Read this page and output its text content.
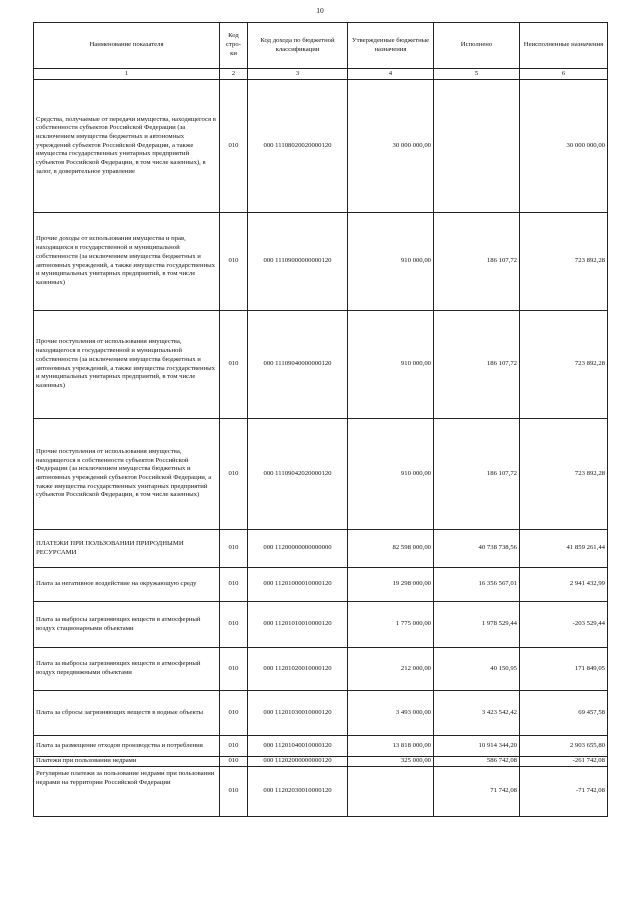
10
Наименование показателя	Код стро- ки	Код дохода по бюджетной классификации	Утвержденные бюджетные назначения	Исполнено	Неисполненные назначения
1	2	3	4	5	6
Средства, получаемые от передачи имущества, находящегося в собственности субъектов Российской Федерации (за исключением имущества бюджетных и автономных учреждений субъектов Российской Федерации, а также имущества государственных унитарных предприятий субъектов Российской Федерации, в том числе казенных), в залог, в доверительное управление	010	000 11108020020000120	30 000 000,00		30 000 000,00
Прочие доходы от использования имущества и прав, находящихся в государственной и муниципальной собственности (за исключением имущества бюджетных и автономных учреждений, а также имущества государственных и муниципальных унитарных предприятий, в том числе казенных)	010	000 11109000000000120	910 000,00	186 107,72	723 892,28
Прочие поступления от использования имущества, находящегося в государственной и муниципальной собственности (за исключением имущества бюджетных и автономных учреждений, а также имущества государственных и муниципальных унитарных предприятий, в том числе казенных)	010	000 11109040000000120	910 000,00	186 107,72	723 892,28
Прочие поступления от использования имущества, находящегося в собственности субъектов Российской Федерации (за исключением имущества бюджетных и автономных учреждений субъектов Российской Федерации, а также имущества государственных унитарных предприятий субъектов Российской Федерации, в том числе казенных)	010	000 11109042020000120	910 000,00	186 107,72	723 892,28
ПЛАТЕЖИ ПРИ ПОЛЬЗОВАНИИ ПРИРОДНЫМИ РЕСУРСАМИ	010	000 11200000000000000	82 598 000,00	40 738 738,56	41 859 261,44
Плата за негативное воздействие на окружающую среду	010	000 11201000010000120	19 298 000,00	16 356 567,01	2 941 432,99
Плата за выбросы загрязняющих веществ в атмосферный воздух стационарными объектами	010	000 11201010010000120	1 775 000,00	1 978 529,44	-203 529,44
Плата за выбросы загрязняющих веществ в атмосферный воздух передвижными объектами	010	000 11201020010000120	212 000,00	40 150,95	171 849,05
Плата за сбросы загрязняющих веществ в водные объекты	010	000 11201030010000120	3 493 000,00	3 423 542,42	69 457,58
Плата за размещение отходов производства и потребления	010	000 11201040010000120	13 818 000,00	10 914 344,20	2 903 655,80
Платежи при пользовании недрами	010	000 11202000000000120	325 000,00	586 742,08	-261 742,08
Регулярные платежи за пользование недрами при пользовании недрами на территории Российской Федерации	010	000 11202030010000120		71 742,08	-71 742,08
